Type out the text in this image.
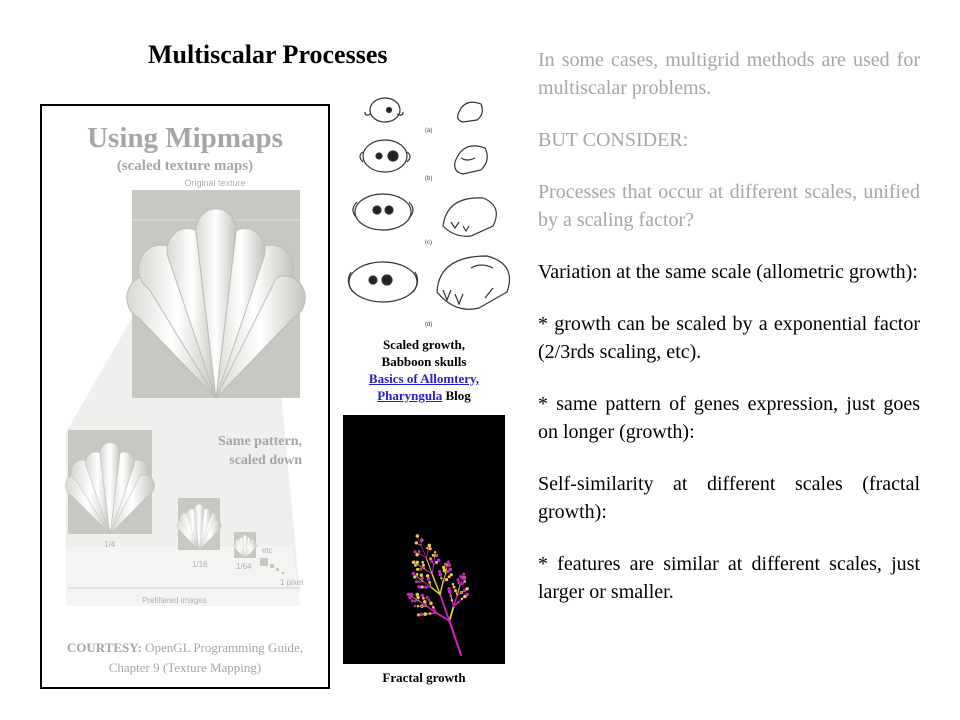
Multiscalar Processes
Using Mipmaps
(scaled texture maps)
Original texture
Same pattern,
scaled down
1/4
1/16	1/64
etc
1 pixel
Prefiltered images
COURTESY: OpenGL Programming Guide, Chapter 9 (Texture Mapping)
(a)
(b)
(c)
(d)
Scaled growth,
Babboon skulls
Basics of Allomtery,
Pharyngula Blog
Fractal growth

In some cases, multigrid methods are used for multiscalar problems.

BUT CONSIDER:

Processes that occur at different scales, unified by a scaling factor?

Variation at the same scale (allometric growth):

* growth can be scaled by a exponential factor (2/3rds scaling, etc).

* same pattern of genes expression, just goes on longer (growth):

Self-similarity at different scales (fractal growth):

* features are similar at different scales, just larger or smaller.
